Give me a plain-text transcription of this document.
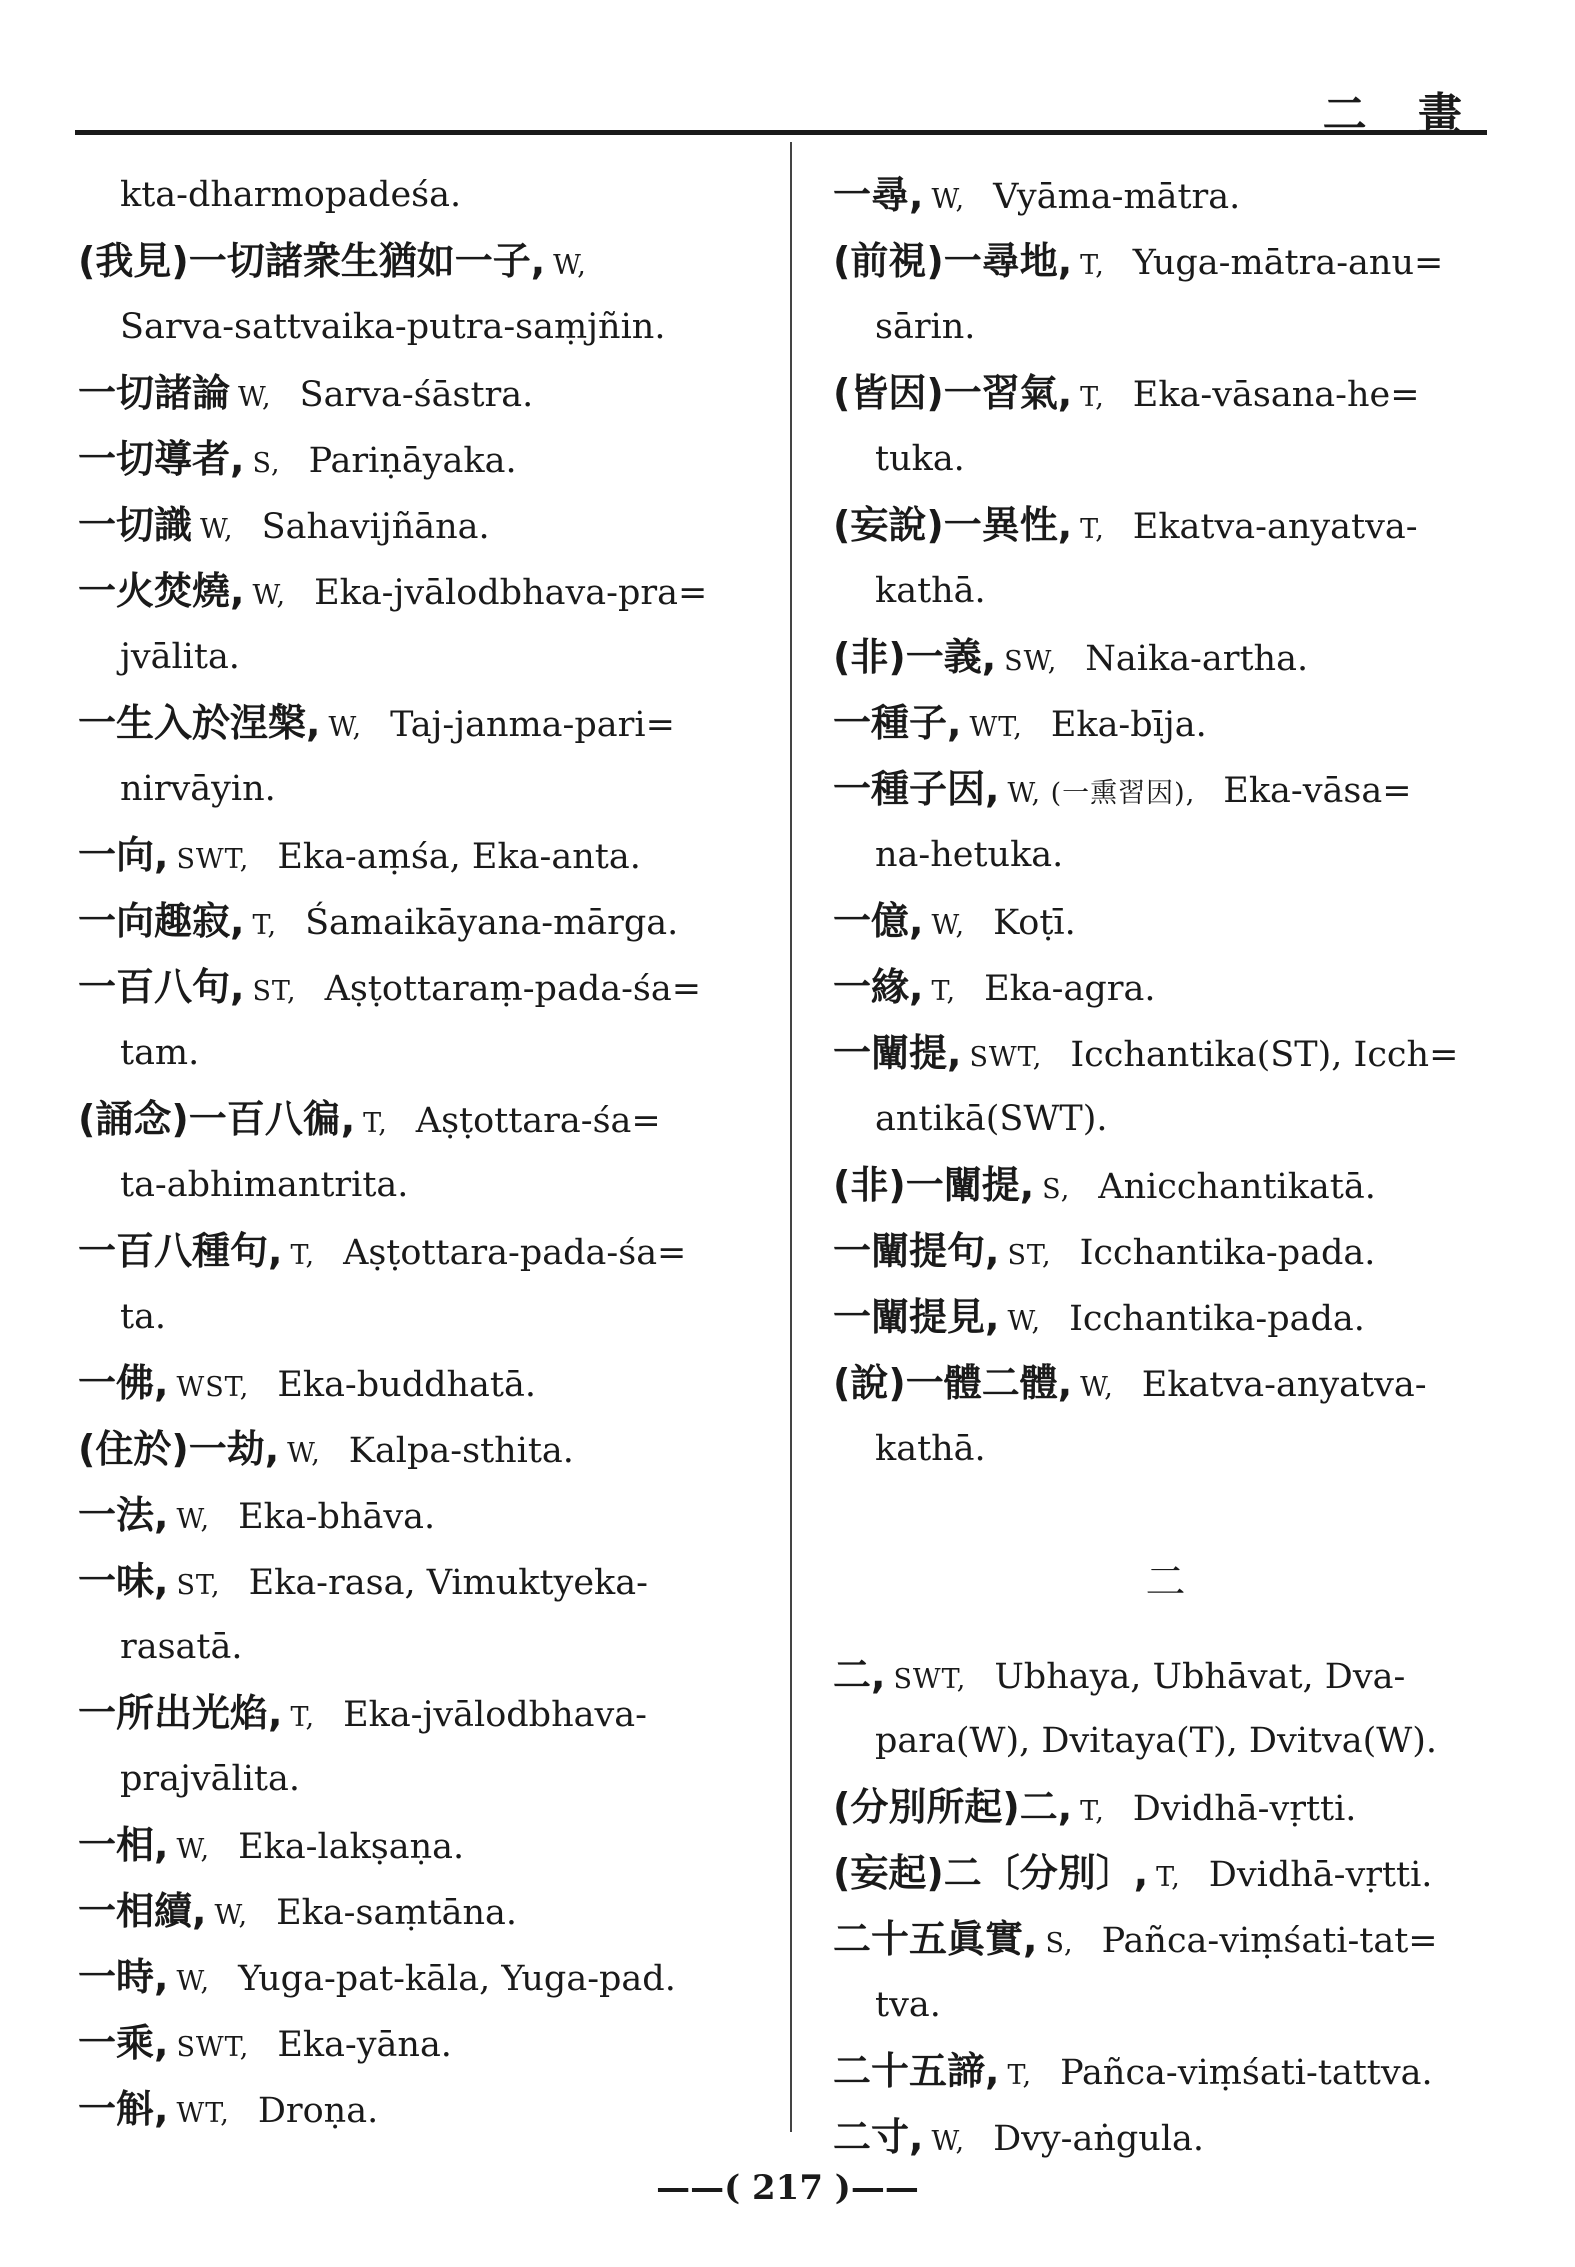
二 畫
kta-dharmopadeśa.
(我見)一切諸衆生猶如一子, W,
Sarva-sattvaika-putra-saṃjñin.
一切諸論 W, Sarva-śāstra.
一切導者, S, Pariṇāyaka.
一切識 W, Sahavijñāna.
一火焚燒, W, Eka-jvālodbhava-pra=
jvālita.
一生入於涅槃, W, Taj-janma-pari=
nirvāyin.
一向, SWT, Eka-aṃśa, Eka-anta.
一向趣寂, T, Śamaikāyana-mārga.
一百八句, ST, Aṣṭottaraṃ-pada-śa=
tam.
(誦念)一百八徧, T, Aṣṭottara-śa=
ta-abhimantrita.
一百八種句, T, Aṣṭottara-pada-śa=
ta.
一佛, WST, Eka-buddhatā.
(住於)一劫, W, Kalpa-sthita.
一法, W, Eka-bhāva.
一味, ST, Eka-rasa, Vimuktyeka-
rasatā.
一所出光焰, T, Eka-jvālodbhava-
prajvālita.
一相, W, Eka-lakṣaṇa.
一相續, W, Eka-saṃtāna.
一時, W, Yuga-pat-kāla, Yuga-pad.
一乘, SWT, Eka-yāna.
一斛, WT, Droṇa.
一尋, W, Vyāma-mātra.
(前視)一尋地, T, Yuga-mātra-anu=
sārin.
(皆因)一習氣, T, Eka-vāsana-he=
tuka.
(妄說)一異性, T, Ekatva-anyatva-
kathā.
(非)一義, SW, Naika-artha.
一種子, WT, Eka-bīja.
一種子因, W, (一熏習因), Eka-vāsa=
na-hetuka.
一億, W, Koṭī.
一緣, T, Eka-agra.
一闡提, SWT, Icchantika(ST), Icch=
antikā(SWT).
(非)一闡提, S, Anicchantikatā.
一闡提句, ST, Icchantika-pada.
一闡提見, W, Icchantika-pada.
(說)一體二體, W, Ekatva-anyatva-
kathā.
二
二, SWT, Ubhaya, Ubhāvat, Dva-
para(W), Dvitaya(T), Dvitva(W).
(分別所起)二, T, Dvidhā-vṛtti.
(妄起)二〔分別〕, T, Dvidhā-vṛtti.
二十五眞實, S, Pañca-viṃśati-tat=
tva.
二十五諦, T, Pañca-viṃśati-tattva.
二寸, W, Dvy-aṅgula.
——( 217 )——
